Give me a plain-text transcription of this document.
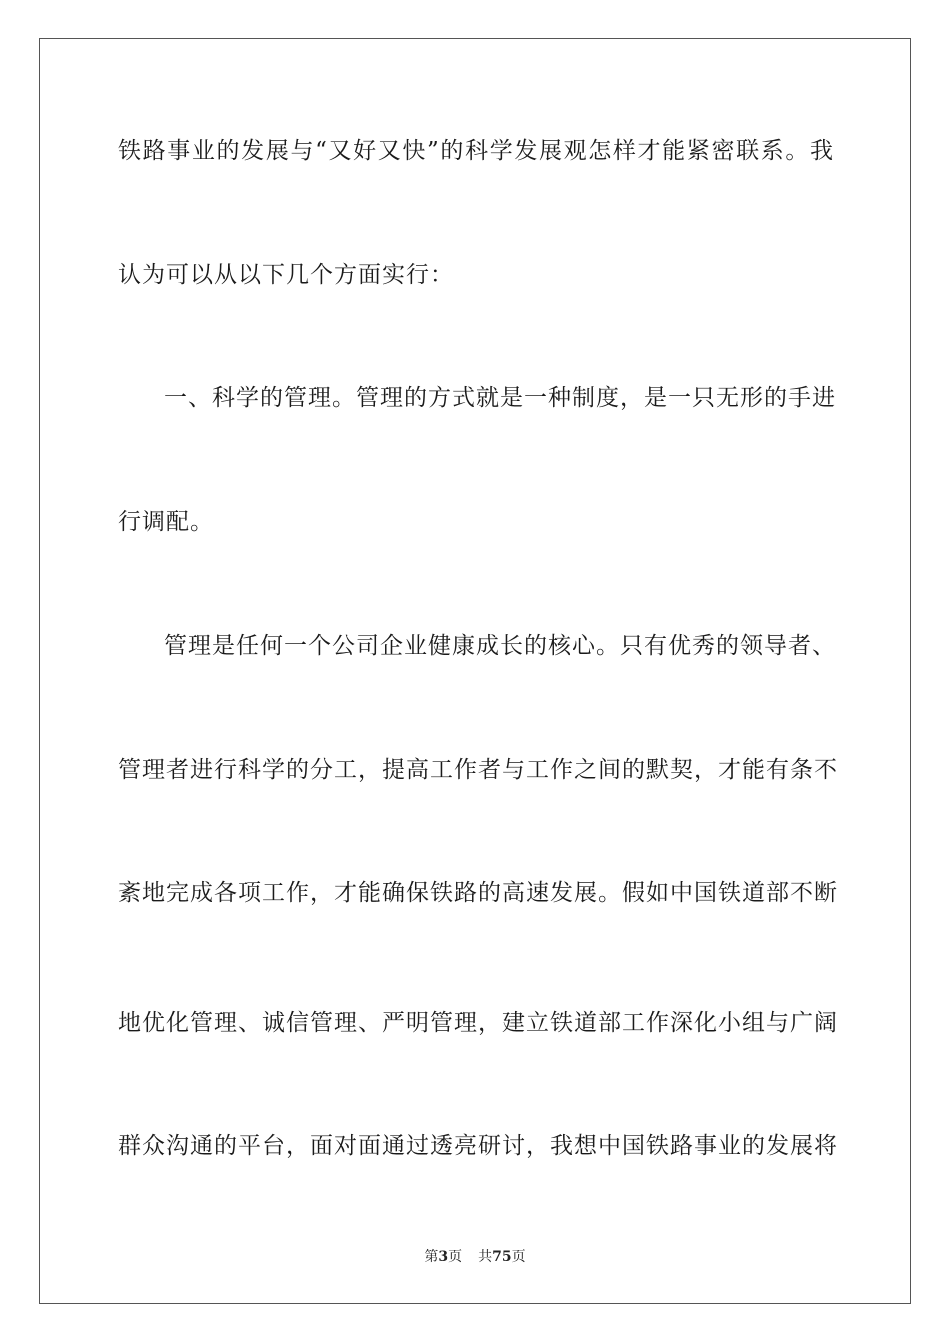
铁路事业的发展与“又好又快”的科学发展观怎样才能紧密联系。我
认为可以从以下几个方面实行：
一、科学的管理。管理的方式就是一种制度，是一只无形的手进
行调配。
管理是任何一个公司企业健康成长的核心。只有优秀的领导者、
管理者进行科学的分工，提高工作者与工作之间的默契，才能有条不
紊地完成各项工作，才能确保铁路的高速发展。假如中国铁道部不断
地优化管理、诚信管理、严明管理，建立铁道部工作深化小组与广阔
群众沟通的平台，面对面通过透亮研讨，我想中国铁路事业的发展将
第3页 共75页
